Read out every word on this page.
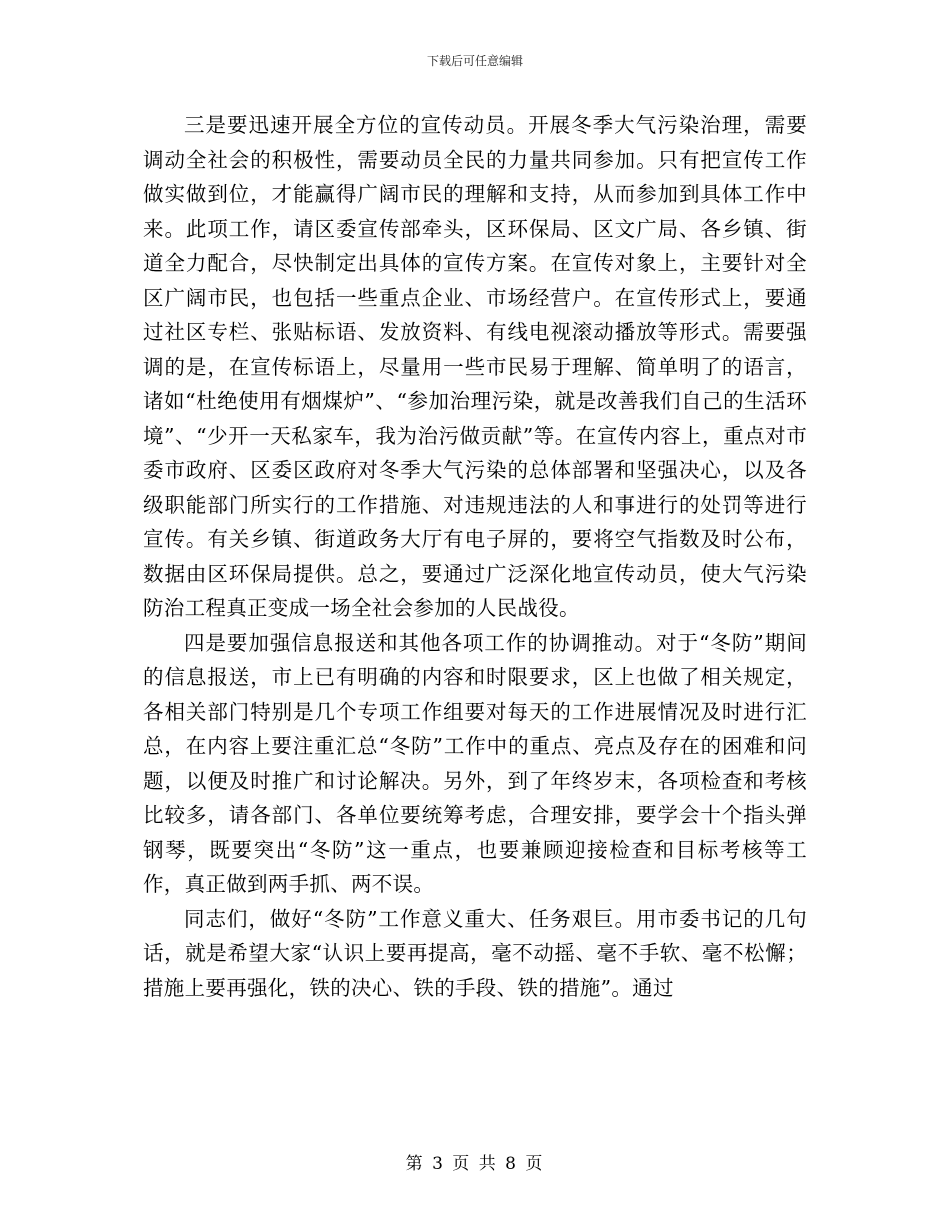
下载后可任意编辑

三是要迅速开展全方位的宣传动员。开展冬季大气污染治理，需要调动全社会的积极性，需要动员全民的力量共同参加。只有把宣传工作做实做到位，才能赢得广阔市民的理解和支持，从而参加到具体工作中来。此项工作，请区委宣传部牵头，区环保局、区文广局、各乡镇、街道全力配合，尽快制定出具体的宣传方案。在宣传对象上，主要针对全区广阔市民，也包括一些重点企业、市场经营户。在宣传形式上，要通过社区专栏、张贴标语、发放资料、有线电视滚动播放等形式。需要强调的是，在宣传标语上，尽量用一些市民易于理解、简单明了的语言，诸如“杜绝使用有烟煤炉”、“参加治理污染，就是改善我们自己的生活环境”、“少开一天私家车，我为治污做贡献”等。在宣传内容上，重点对市委市政府、区委区政府对冬季大气污染的总体部署和坚强决心，以及各级职能部门所实行的工作措施、对违规违法的人和事进行的处罚等进行宣传。有关乡镇、街道政务大厅有电子屏的，要将空气指数及时公布，数据由区环保局提供。总之，要通过广泛深化地宣传动员，使大气污染防治工程真正变成一场全社会参加的人民战役。

四是要加强信息报送和其他各项工作的协调推动。对于“冬防”期间的信息报送，市上已有明确的内容和时限要求，区上也做了相关规定，各相关部门特别是几个专项工作组要对每天的工作进展情况及时进行汇总，在内容上要注重汇总“冬防”工作中的重点、亮点及存在的困难和问题，以便及时推广和讨论解决。另外，到了年终岁末，各项检查和考核比较多，请各部门、各单位要统筹考虑，合理安排，要学会十个指头弹钢琴，既要突出“冬防”这一重点，也要兼顾迎接检查和目标考核等工作，真正做到两手抓、两不误。

同志们，做好“冬防”工作意义重大、任务艰巨。用市委书记的几句话，就是希望大家“认识上要再提高，毫不动摇、毫不手软、毫不松懈；措施上要再强化，铁的决心、铁的手段、铁的措施”。通过

第 3 页 共 8 页
